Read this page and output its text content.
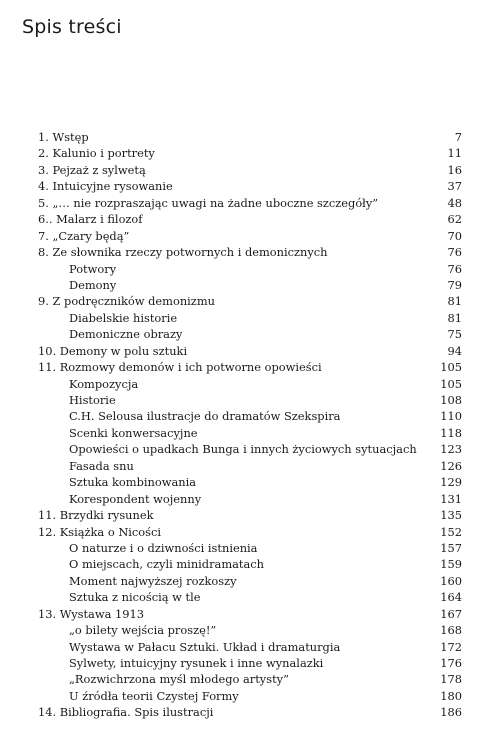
Spis treści
1. Wstęp	7
2. Kalunio i portrety	11
3. Pejzaż z sylwetą	16
4. Intuicyjne rysowanie	37
5. „… nie rozpraszając uwagi na żadne uboczne szczegóły”	48
6.. Malarz i filozof	62
7. „Czary będą”	70
8. Ze słownika rzeczy potwornych i demonicznych	76
Potwory	76
Demony	79
9. Z podręczników demonizmu	81
Diabelskie historie	81
Demoniczne obrazy	75
10. Demony w polu sztuki	94
11. Rozmowy demonów i ich potworne opowieści	105
Kompozycja	105
Historie	108
C.H. Selousa ilustracje do dramatów Szekspira	110
Scenki konwersacyjne	118
Opowieści o upadkach Bunga i innych życiowych sytuacjach 123
Fasada snu	126
Sztuka kombinowania	129
Korespondent wojenny	131
11. Brzydki rysunek	135
12. Książka o Nicości	152
O naturze i o dziwności istnienia	157
O miejscach, czyli minidramatach	159
Moment najwyższej rozkoszy	160
Sztuka z nicością w tle	164
13. Wystawa 1913	167
„o bilety wejścia proszę!”	168
Wystawa w Pałacu Sztuki. Układ i dramaturgia	172
Sylwety, intuicyjny rysunek i inne wynalazki	176
„Rozwichrzona myśl młodego artysty”	178
U źródła teorii Czystej Formy	180
14. Bibliografia. Spis ilustracji	186
